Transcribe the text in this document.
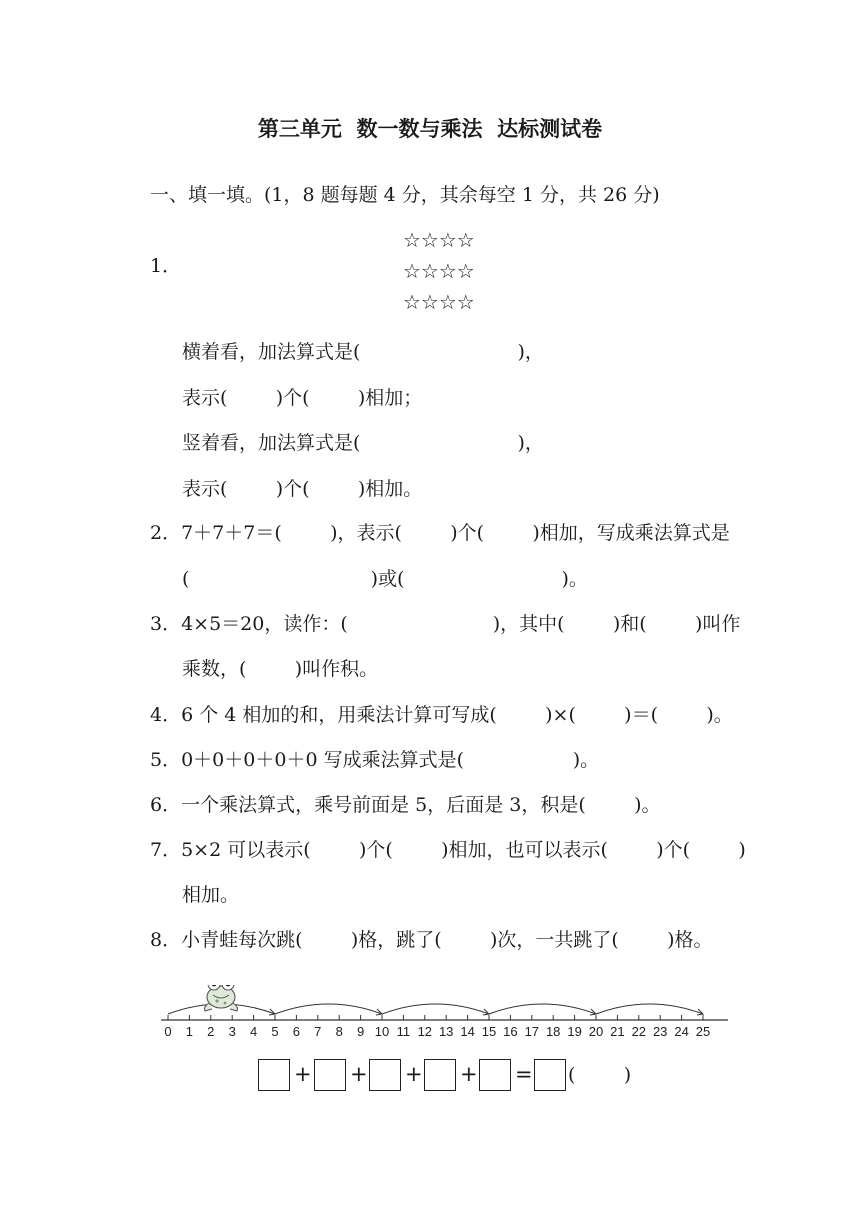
第三单元  数一数与乘法  达标测试卷
一、填一填。(1，8 题每题 4 分，其余每空 1 分，共 26 分)
☆☆☆☆
☆☆☆☆
☆☆☆☆
1．
横着看，加法算式是(                          )，
表示(        )个(        )相加；
竖着看，加法算式是(                          )，
表示(        )个(        )相加。
2．7＋7＋7＝(        )，表示(        )个(        )相加，写成乘法算式是
(                              )或(                          )。
3．4×5＝20，读作：(                        )，其中(        )和(        )叫作
乘数，(        )叫作积。
4．6 个 4 相加的和，用乘法计算可写成(        )×(        )＝(        )。
5．0＋0＋0＋0＋0 写成乘法算式是(                  )。
6．一个乘法算式，乘号前面是 5，后面是 3，积是(        )。
7．5×2 可以表示(        )个(        )相加，也可以表示(        )个(        )
相加。
8．小青蛙每次跳(        )格，跳了(        )次，一共跳了(        )格。
0 1 2 3 4 5 6 7 8 9 10 11 12 13 14 15 16 17 18 19 20 21 22 23 24 25
+ + + + = (        )
